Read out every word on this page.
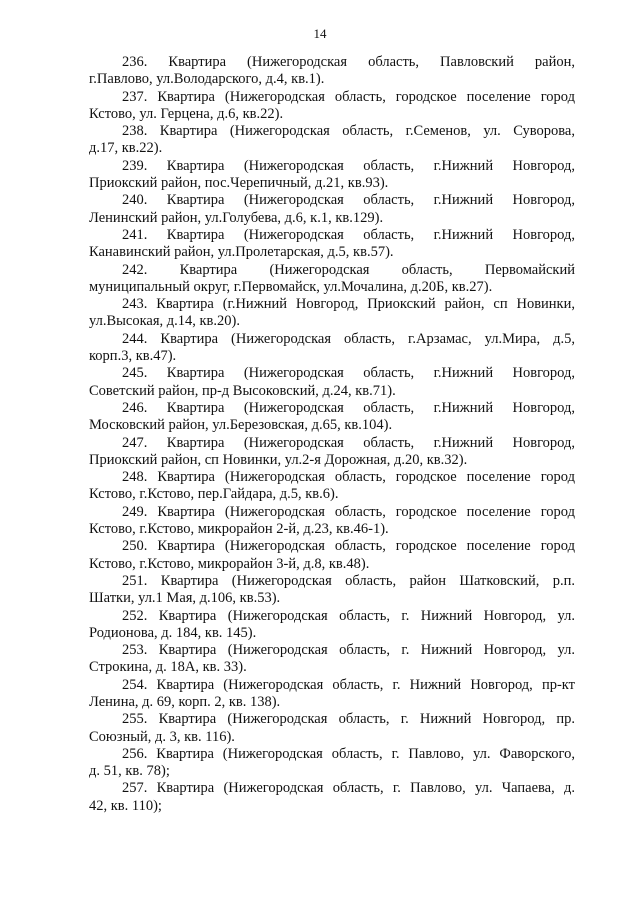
14
236. Квартира (Нижегородская область, Павловский район,
г.Павлово, ул.Володарского, д.4, кв.1).
237. Квартира (Нижегородская область, городское поселение город
Кстово, ул. Герцена, д.6, кв.22).
238. Квартира (Нижегородская область, г.Семенов, ул. Суворова,
д.17, кв.22).
239. Квартира (Нижегородская область, г.Нижний Новгород,
Приокский район, пос.Черепичный, д.21, кв.93).
240. Квартира (Нижегородская область, г.Нижний Новгород,
Ленинский район, ул.Голубева, д.6, к.1, кв.129).
241. Квартира (Нижегородская область, г.Нижний Новгород,
Канавинский район, ул.Пролетарская, д.5, кв.57).
242. Квартира (Нижегородская область, Первомайский
муниципальный округ, г.Первомайск, ул.Мочалина, д.20Б, кв.27).
243. Квартира (г.Нижний Новгород, Приокский район, сп Новинки,
ул.Высокая, д.14, кв.20).
244. Квартира (Нижегородская область, г.Арзамас, ул.Мира, д.5,
корп.3, кв.47).
245. Квартира (Нижегородская область, г.Нижний Новгород,
Советский район, пр-д Высоковский, д.24, кв.71).
246. Квартира (Нижегородская область, г.Нижний Новгород,
Московский район, ул.Березовская, д.65, кв.104).
247. Квартира (Нижегородская область, г.Нижний Новгород,
Приокский район, сп Новинки, ул.2-я Дорожная, д.20, кв.32).
248. Квартира (Нижегородская область, городское поселение город
Кстово, г.Кстово, пер.Гайдара, д.5, кв.6).
249. Квартира (Нижегородская область, городское поселение город
Кстово, г.Кстово, микрорайон 2-й, д.23, кв.46-1).
250. Квартира (Нижегородская область, городское поселение город
Кстово, г.Кстово, микрорайон 3-й, д.8, кв.48).
251. Квартира (Нижегородская область, район Шатковский, р.п.
Шатки, ул.1 Мая, д.106, кв.53).
252. Квартира (Нижегородская область, г. Нижний Новгород, ул.
Родионова, д. 184, кв. 145).
253. Квартира (Нижегородская область, г. Нижний Новгород, ул.
Строкина, д. 18А, кв. 33).
254. Квартира (Нижегородская область, г. Нижний Новгород, пр-кт
Ленина, д. 69, корп. 2, кв. 138).
255. Квартира (Нижегородская область, г. Нижний Новгород, пр.
Союзный, д. 3, кв. 116).
256. Квартира (Нижегородская область, г. Павлово, ул. Фаворского,
д. 51, кв. 78);
257. Квартира (Нижегородская область, г. Павлово, ул. Чапаева, д.
42, кв. 110);
